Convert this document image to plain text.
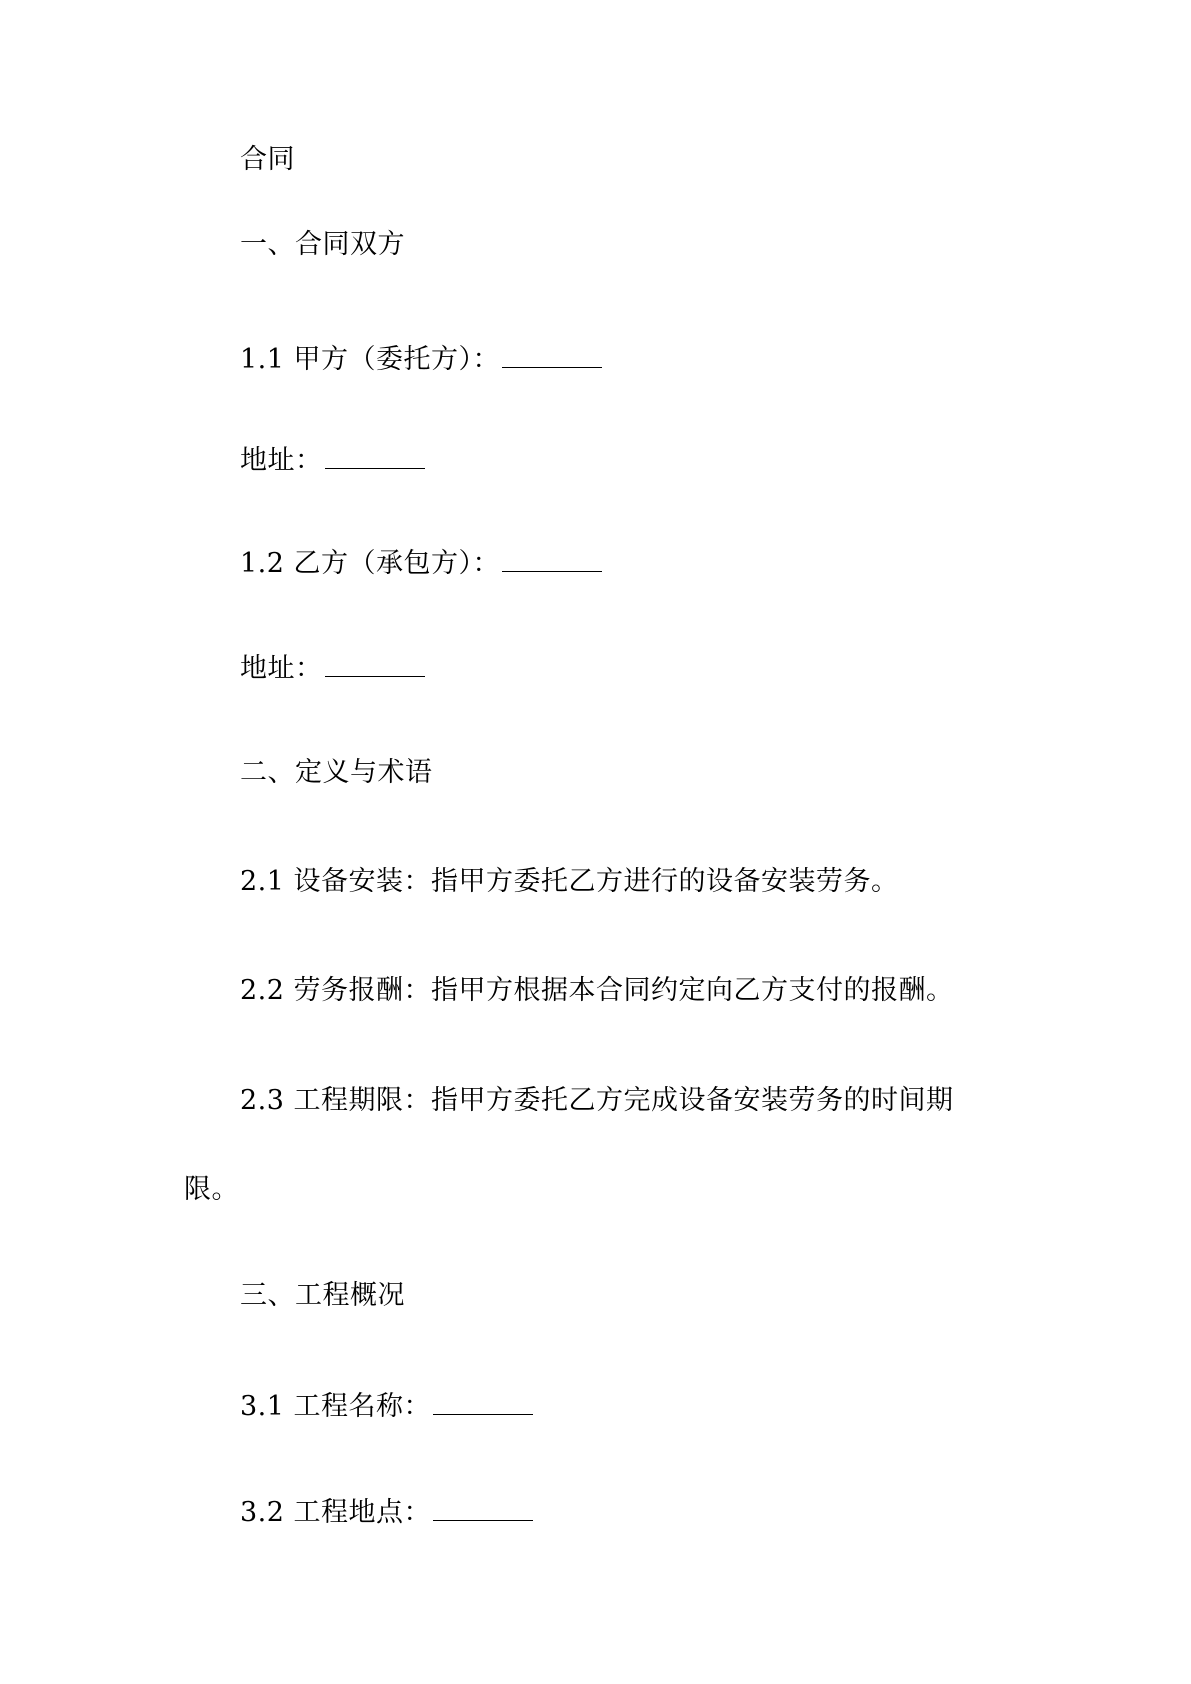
合同
一、合同双方
1.1 甲方（委托方）：
地址：
1.2 乙方（承包方）：
地址：
二、定义与术语
2.1 设备安装：指甲方委托乙方进行的设备安装劳务。
2.2 劳务报酬：指甲方根据本合同约定向乙方支付的报酬。
2.3 工程期限：指甲方委托乙方完成设备安装劳务的时间期
限。
三、工程概况
3.1 工程名称：
3.2 工程地点：
